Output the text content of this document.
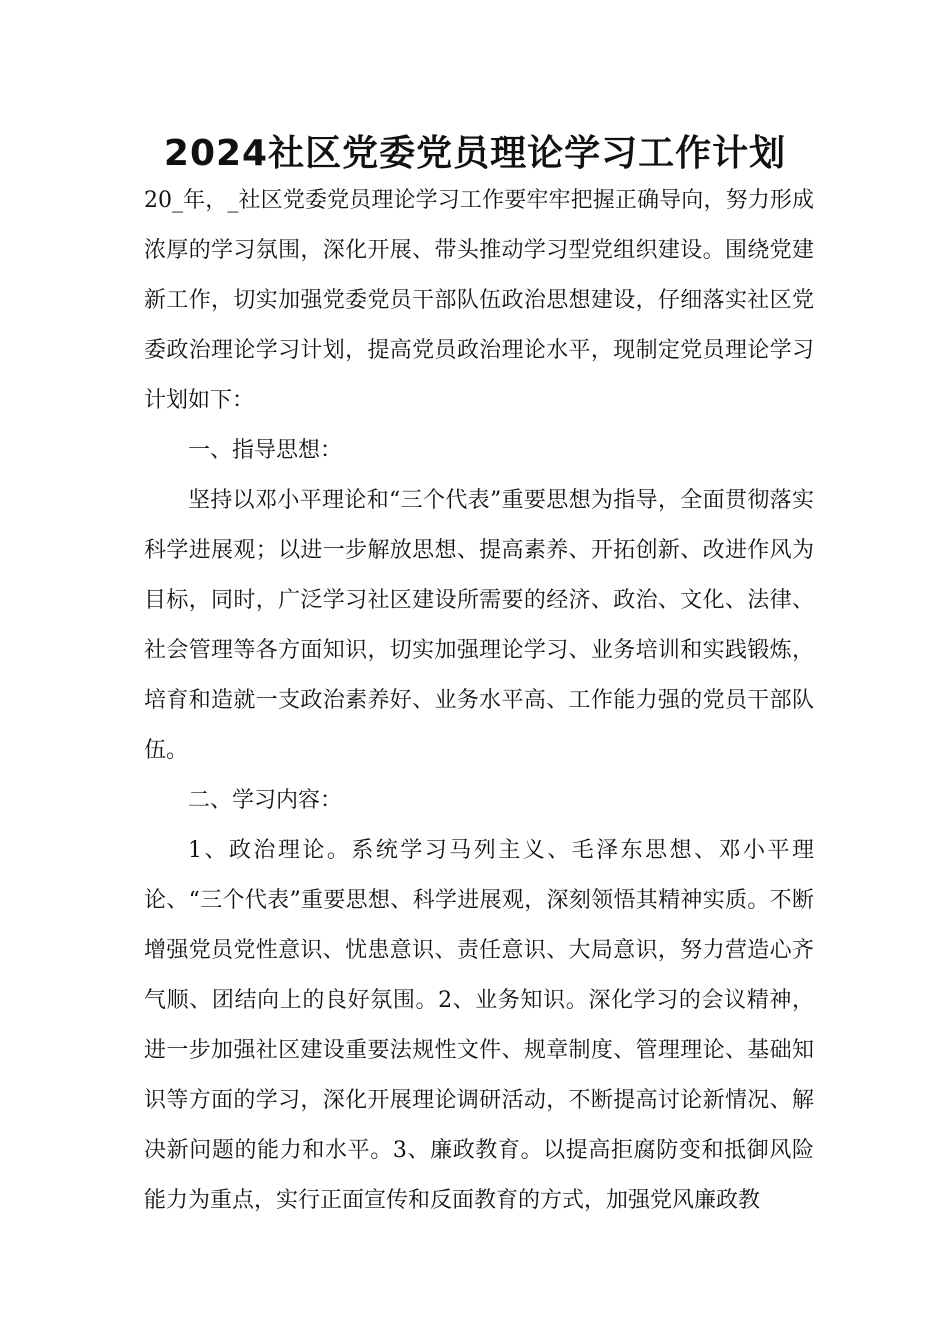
2024社区党委党员理论学习工作计划

20_年，_社区党委党员理论学习工作要牢牢把握正确导向，努力形成浓厚的学习氛围，深化开展、带头推动学习型党组织建设。围绕党建新工作，切实加强党委党员干部队伍政治思想建设，仔细落实社区党委政治理论学习计划，提高党员政治理论水平，现制定党员理论学习计划如下：

一、指导思想：

坚持以邓小平理论和“三个代表”重要思想为指导，全面贯彻落实科学进展观；以进一步解放思想、提高素养、开拓创新、改进作风为目标，同时，广泛学习社区建设所需要的经济、政治、文化、法律、社会管理等各方面知识，切实加强理论学习、业务培训和实践锻炼，培育和造就一支政治素养好、业务水平高、工作能力强的党员干部队伍。

二、学习内容：

1、政治理论。系统学习马列主义、毛泽东思想、邓小平理论、“三个代表”重要思想、科学进展观，深刻领悟其精神实质。不断增强党员党性意识、忧患意识、责任意识、大局意识，努力营造心齐气顺、团结向上的良好氛围。2、业务知识。深化学习的会议精神，进一步加强社区建设重要法规性文件、规章制度、管理理论、基础知识等方面的学习，深化开展理论调研活动，不断提高讨论新情况、解决新问题的能力和水平。3、廉政教育。以提高拒腐防变和抵御风险能力为重点，实行正面宣传和反面教育的方式，加强党风廉政教
